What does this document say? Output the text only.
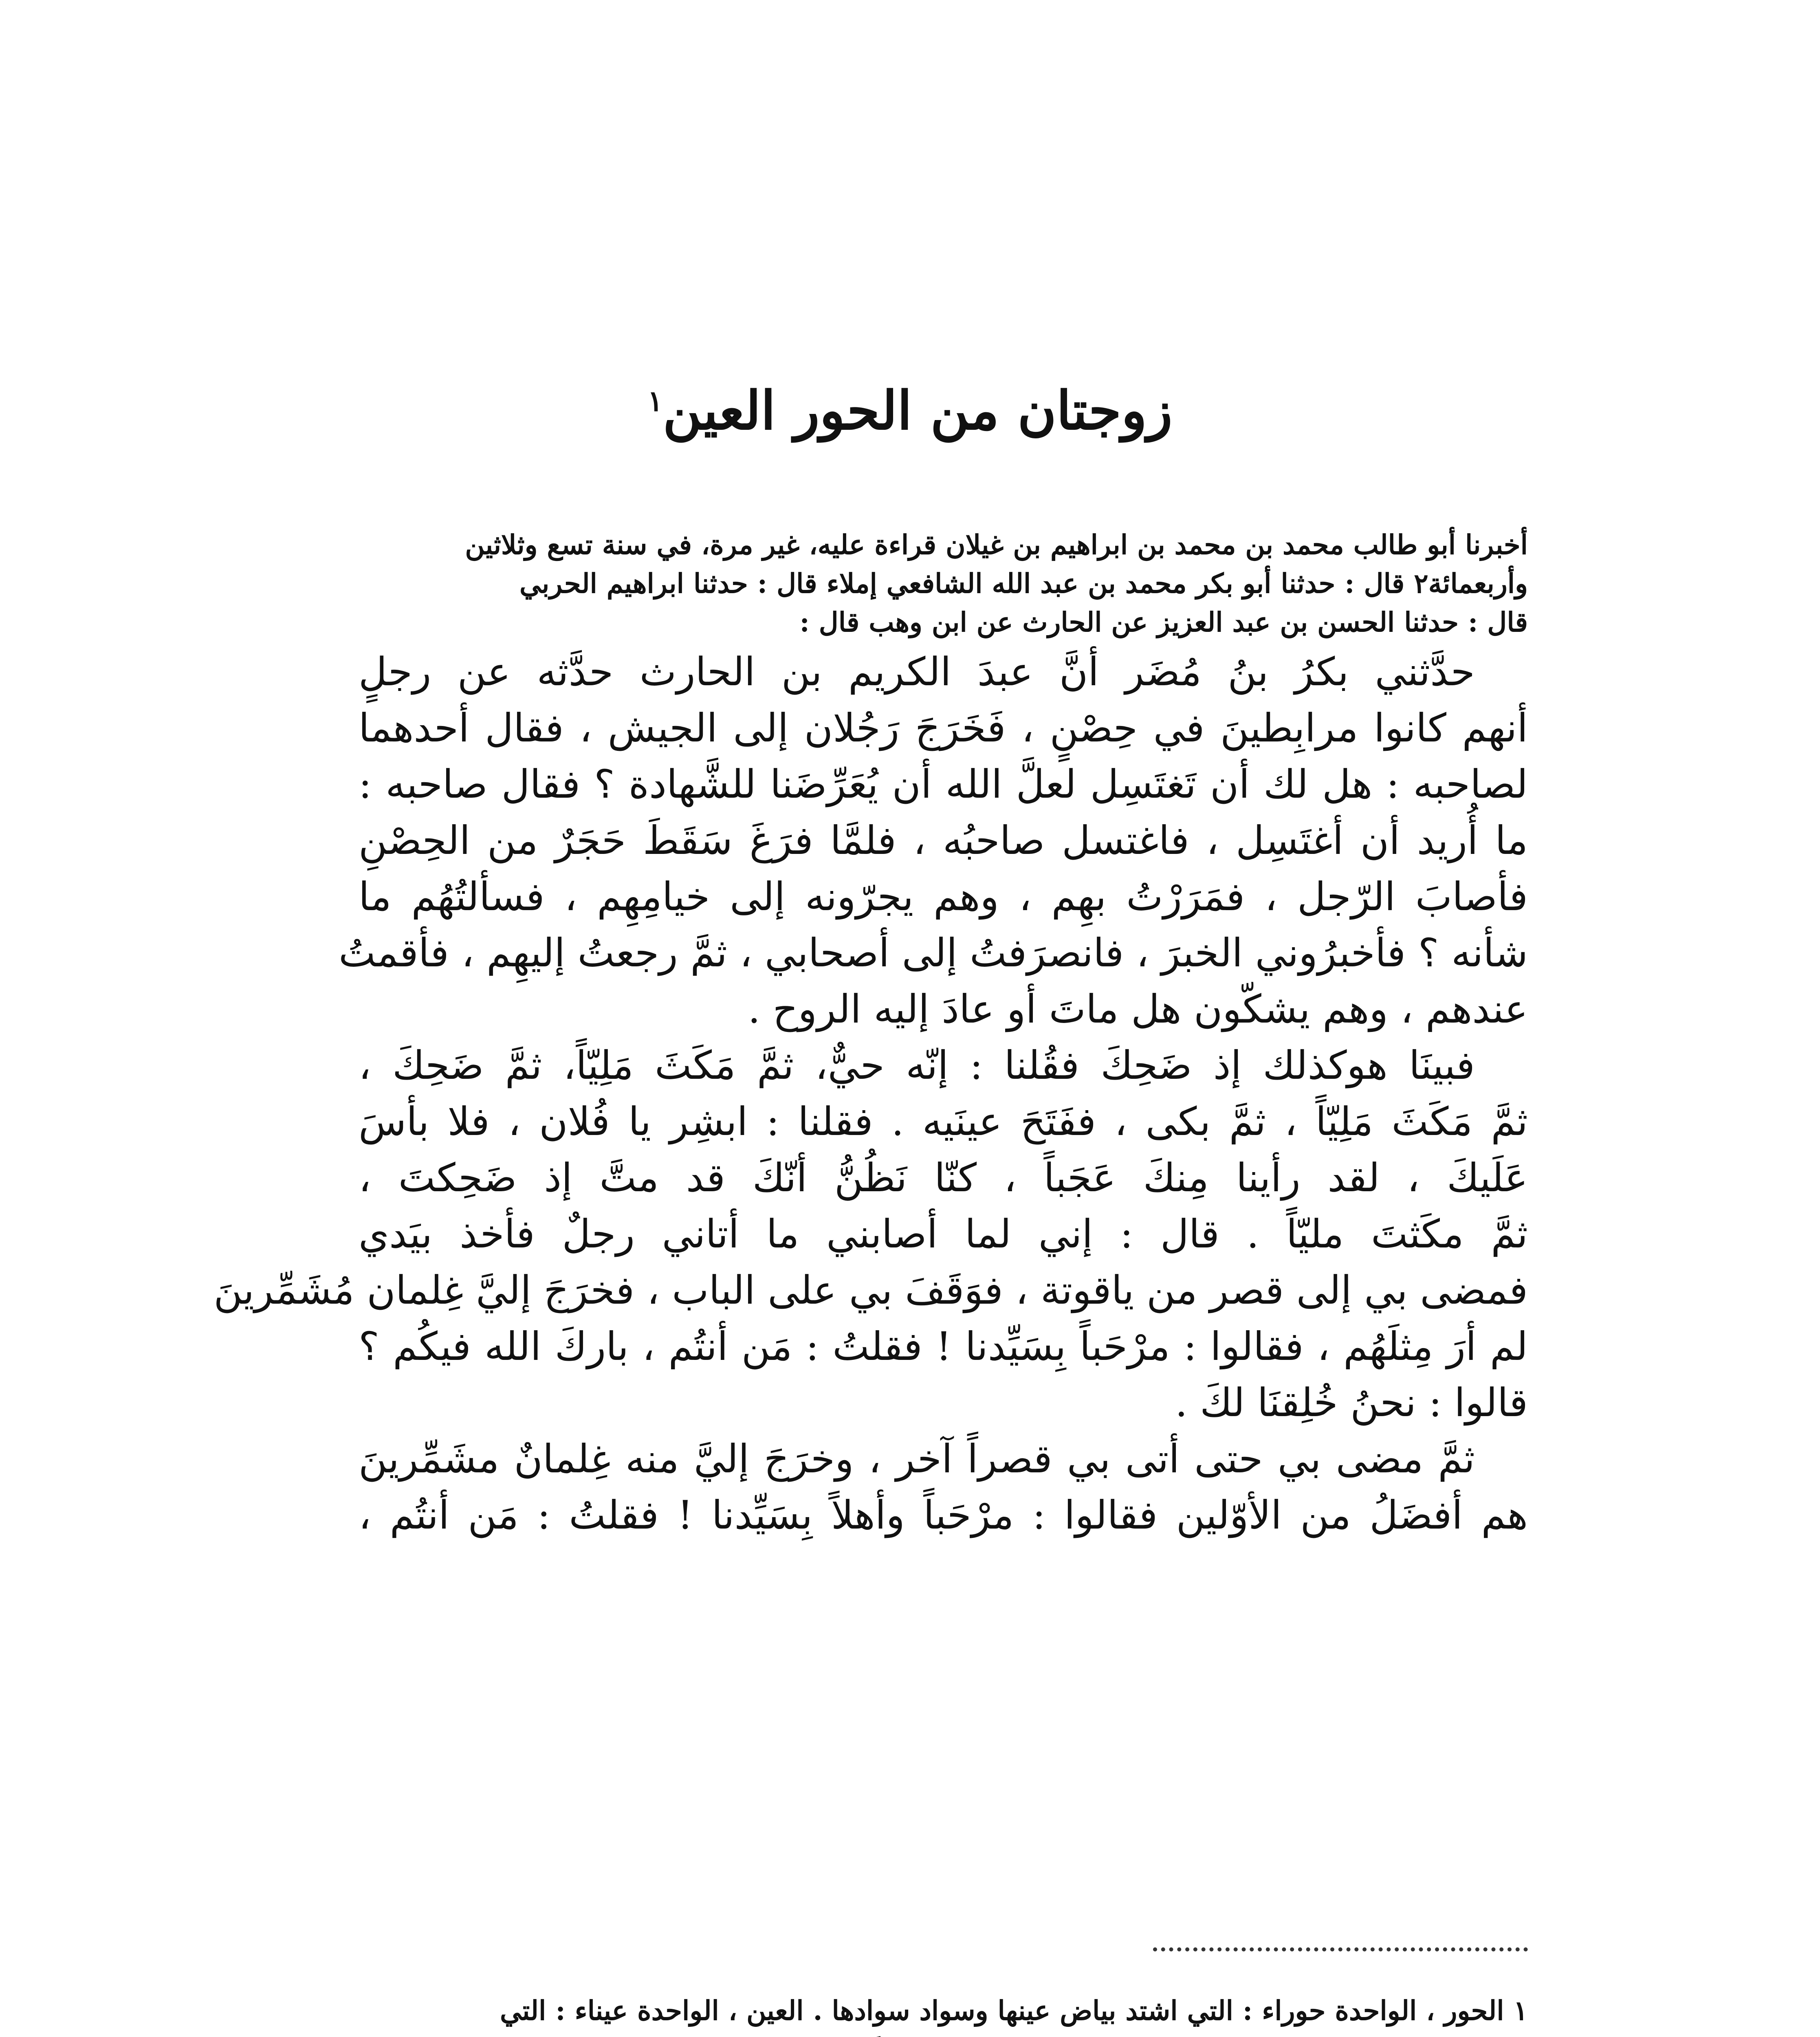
زوجتان من الحور العين$^١$
أخبرنا أبو طالب محمد بن محمد بن ابراهيم بن غيلان قراءة عليه، غير مرة، في سنة تسع وثلاثين
وأربعمائة٢ قال : حدثنا أبو بكر محمد بن عبد الله الشافعي إملاء قال : حدثنا ابراهيم الحربي
قال : حدثنا الحسن بن عبد العزيز عن الحارث عن ابن وهب قال :
حدَّثني بكرُ بنُ مُضَر أنَّ عبدَ الكريم بن الحارث حدَّثه عن رجلٍ
أنهم كانوا مرابِطينَ في حِصْنٍ ، فَخَرَجَ رَجُلان إلى الجيش ، فقال أحدهما
لصاحبه : هل لك أن تَغتَسِل لعلَّ الله أن يُعَرِّضَنا للشَّهادة ؟ فقال صاحبه :
ما أُريد أن أغتَسِل ، فاغتسل صاحبُه ، فلمَّا فرَغَ سَقَطَ حَجَرٌ من الحِصْنِ
فأصابَ الرّجل ، فمَرَرْتُ بهِم ، وهم يجرّونه إلى خيامِهِم ، فسألتُهُم ما
شأنه ؟ فأخبرُوني الخبرَ ، فانصرَفتُ إلى أصحابي ، ثمَّ رجعتُ إليهِم ، فأقمتُ
عندهم ، وهم يشكّون هل ماتَ أو عادَ إليه الروح .
فبينَا هوكذلك إذ ضَحِكَ فقُلنا : إنّه حيٌّ، ثمَّ مَكَثَ مَلِيّاً، ثمَّ ضَحِكَ ،
ثمَّ مَكَثَ مَلِيّاً ، ثمَّ بكى ، ففَتَحَ عينَيه . فقلنا : ابشِر يا فُلان ، فلا بأسَ
عَلَيكَ ، لقد رأينا مِنكَ عَجَباً ، كنّا نَظُنُّ أنّكَ قد متَّ إذ ضَحِكتَ ،
ثمَّ مكَثتَ مليّاً . قال : إني لما أصابني ما أتاني رجلٌ فأخذ بيَدي
فمضى بي إلى قصر من ياقوتة ، فوَقَفَ بي على الباب ، فخرَجَ إليَّ غِلمان مُشَمِّرينَ
لم أرَ مِثلَهُم ، فقالوا : مرْحَباً بِسَيِّدنا ! فقلتُ : مَن أنتُم ، باركَ الله فيكُم ؟
قالوا : نحنُ خُلِقنَا لكَ .
ثمَّ مضى بي حتى أتى بي قصراً آخر ، وخرَجَ إليَّ منه غِلمانٌ مشَمِّرينَ
هم أفضَلُ من الأوّلين فقالوا : مرْحَباً وأهلاً بِسَيِّدنا ! فقلتُ : مَن أنتُم ،
١ الحور ، الواحدة حوراء : التي اشتد بياض عينها وسواد سوادها . العين ، الواحدة عيناء : التي
